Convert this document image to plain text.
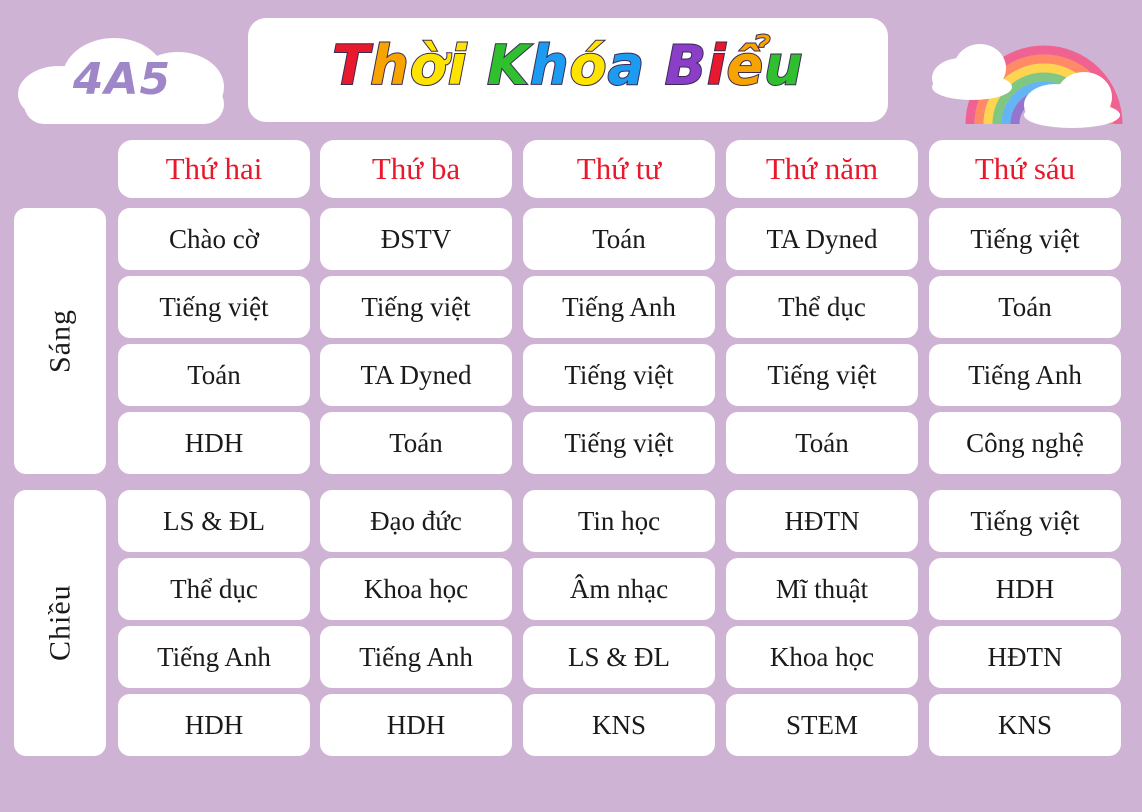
4A5	Thời Khóa Biểu
Thứ hai	Thứ ba	Thứ tư	Thứ năm	Thứ sáu
Sáng
Chào cờ	ĐSTV	Toán	TA Dyned	Tiếng việt
Tiếng việt	Tiếng việt	Tiếng Anh	Thể dục	Toán
Toán	TA Dyned	Tiếng việt	Tiếng việt	Tiếng Anh
HDH	Toán	Tiếng việt	Toán	Công nghệ
Chiều
LS & ĐL	Đạo đức	Tin học	HĐTN	Tiếng việt
Thể dục	Khoa học	Âm nhạc	Mĩ thuật	HDH
Tiếng Anh	Tiếng Anh	LS & ĐL	Khoa học	HĐTN
HDH	HDH	KNS	STEM	KNS
